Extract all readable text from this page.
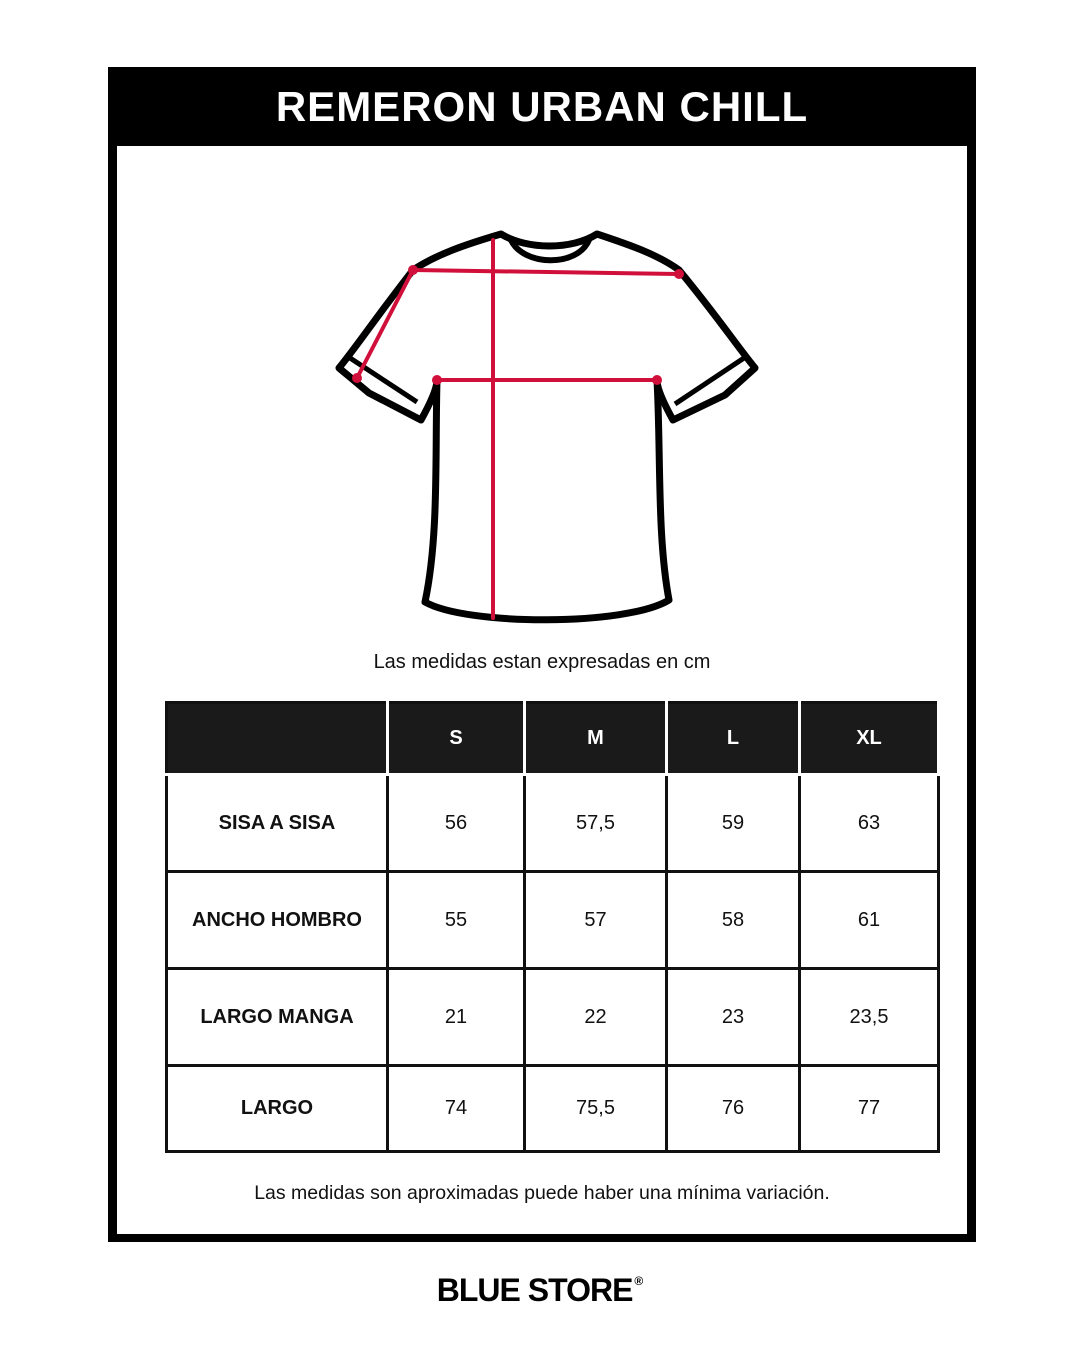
REMERON URBAN CHILL
Las medidas estan expresadas en cm
	S	M	L	XL
SISA A SISA	56	57,5	59	63
ANCHO HOMBRO	55	57	58	61
LARGO MANGA	21	22	23	23,5
LARGO	74	75,5	76	77
Las medidas son aproximadas puede haber una mínima variación.
BLUE STORE ®
